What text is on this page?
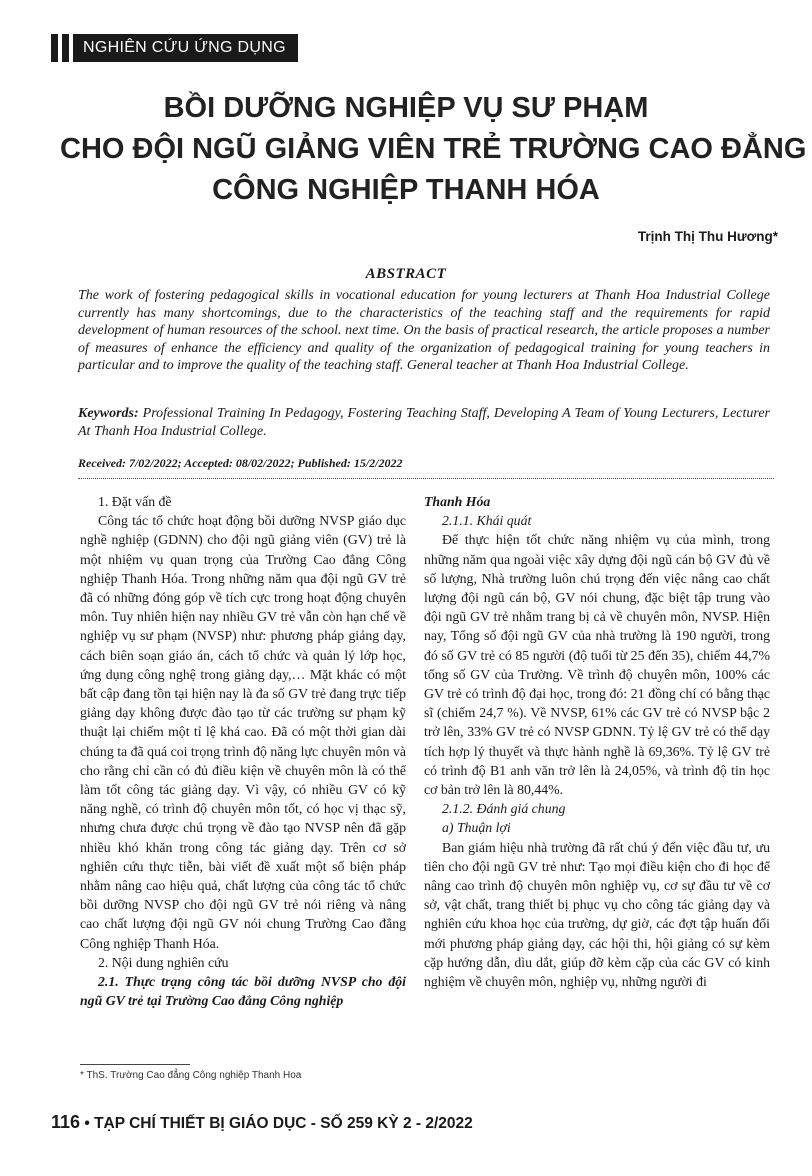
NGHIÊN CỨU ỨNG DỤNG
BỒI DƯỠNG NGHIỆP VỤ SƯ PHẠM
CHO ĐỘI NGŨ GIẢNG VIÊN TRẺ TRƯỜNG CAO ĐẲNG
CÔNG NGHIỆP THANH HÓA
Trịnh Thị Thu Hương*
ABSTRACT
The work of fostering pedagogical skills in vocational education for young lecturers at Thanh Hoa Industrial College currently has many shortcomings, due to the characteristics of the teaching staff and the requirements for rapid development of human resources of the school. next time. On the basis of practical research, the article proposes a number of measures of enhance the efficiency and quality of the organization of pedagogical training for young teachers in particular and to improve the quality of the teaching staff. General teacher at Thanh Hoa Industrial College.
Keywords: Professional Training In Pedagogy, Fostering Teaching Staff, Developing A Team of Young Lecturers, Lecturer At Thanh Hoa Industrial College.
Received: 7/02/2022; Accepted: 08/02/2022; Published: 15/2/2022

1. Đặt vấn đề

Công tác tổ chức hoạt động bồi dưỡng NVSP giáo dục nghề nghiệp (GDNN) cho đội ngũ giảng viên (GV) trẻ là một nhiệm vụ quan trọng của Trường Cao đẳng Công nghiệp Thanh Hóa. Trong những năm qua đội ngũ GV trẻ đã có những đóng góp về tích cực trong hoạt động chuyên môn. Tuy nhiên hiện nay nhiều GV trẻ vẫn còn hạn chế về nghiệp vụ sư phạm (NVSP) như: phương pháp giảng dạy, cách biên soạn giáo án, cách tổ chức và quản lý lớp học, ứng dụng công nghệ trong giảng dạy,… Mặt khác có một bất cập đang tồn tại hiện nay là đa số GV trẻ đang trực tiếp giảng dạy không được đào tạo từ các trường sư phạm kỹ thuật lại chiếm một tỉ lệ khá cao. Đã có một thời gian dài chúng ta đã quá coi trọng trình độ năng lực chuyên môn và cho rằng chỉ cần có đủ điều kiện về chuyên môn là có thể làm tốt công tác giảng dạy. Vì vậy, có nhiều GV có kỹ năng nghề, có trình độ chuyên môn tốt, có học vị thạc sỹ, nhưng chưa được chú trọng về đào tạo NVSP nên đã gặp nhiều khó khăn trong công tác giảng dạy. Trên cơ sở nghiên cứu thực tiễn, bài viết đề xuất một số biện pháp nhằm nâng cao hiệu quả, chất lượng của công tác tổ chức bồi dưỡng NVSP cho đội ngũ GV trẻ nói riêng và nâng cao chất lượng đội ngũ GV nói chung Trường Cao đẳng Công nghiệp Thanh Hóa.

2. Nội dung nghiên cứu

2.1. Thực trạng công tác bồi dưỡng NVSP cho đội ngũ GV trẻ tại Trường Cao đẳng Công nghiệp

Thanh Hóa

2.1.1. Khái quát

Để thực hiện tốt chức năng nhiệm vụ của mình, trong những năm qua ngoài việc xây dựng đội ngũ cán bộ GV đủ về số lượng, Nhà trường luôn chú trọng đến việc nâng cao chất lượng đội ngũ cán bộ, GV nói chung, đặc biệt tập trung vào đội ngũ GV trẻ nhằm trang bị cả về chuyên môn, NVSP. Hiện nay, Tổng số đội ngũ GV của nhà trường là 190 người, trong đó số GV trẻ có 85 người (độ tuổi từ 25 đến 35), chiếm 44,7% tổng số GV của Trường. Về trình độ chuyên môn, 100% các GV trẻ có trình độ đại học, trong đó: 21 đồng chí có bằng thạc sĩ (chiếm 24,7 %). Về NVSP, 61% các GV trẻ có NVSP bậc 2 trở lên, 33% GV trẻ có NVSP GDNN. Tỷ lệ GV trẻ có thể dạy tích hợp lý thuyết và thực hành nghề là 69,36%. Tỷ lệ GV trẻ có trình độ B1 anh văn trở lên là 24,05%, và trình độ tin học cơ bản trở lên là 80,44%.

2.1.2. Đánh giá chung

a) Thuận lợi

Ban giám hiệu nhà trường đã rất chú ý đến việc đầu tư, ưu tiên cho đội ngũ GV trẻ như: Tạo mọi điều kiện cho đi học để nâng cao trình độ chuyên môn nghiệp vụ, cơ sự đầu tư về cơ sở, vật chất, trang thiết bị phục vụ cho công tác giảng dạy và nghiên cứu khoa học của trường, dự giờ, các đợt tập huấn đổi mới phương pháp giảng dạy, các hội thi, hội giảng có sự kèm cặp hướng dẫn, dìu dắt, giúp đỡ kèm cặp của các GV có kinh nghiệm về chuyên môn, nghiệp vụ, những người đi

* ThS. Trường Cao đẳng Công nghiệp Thanh Hoa
116 • TẠP CHÍ THIẾT BỊ GIÁO DỤC - SỐ 259 KỲ 2 - 2/2022
